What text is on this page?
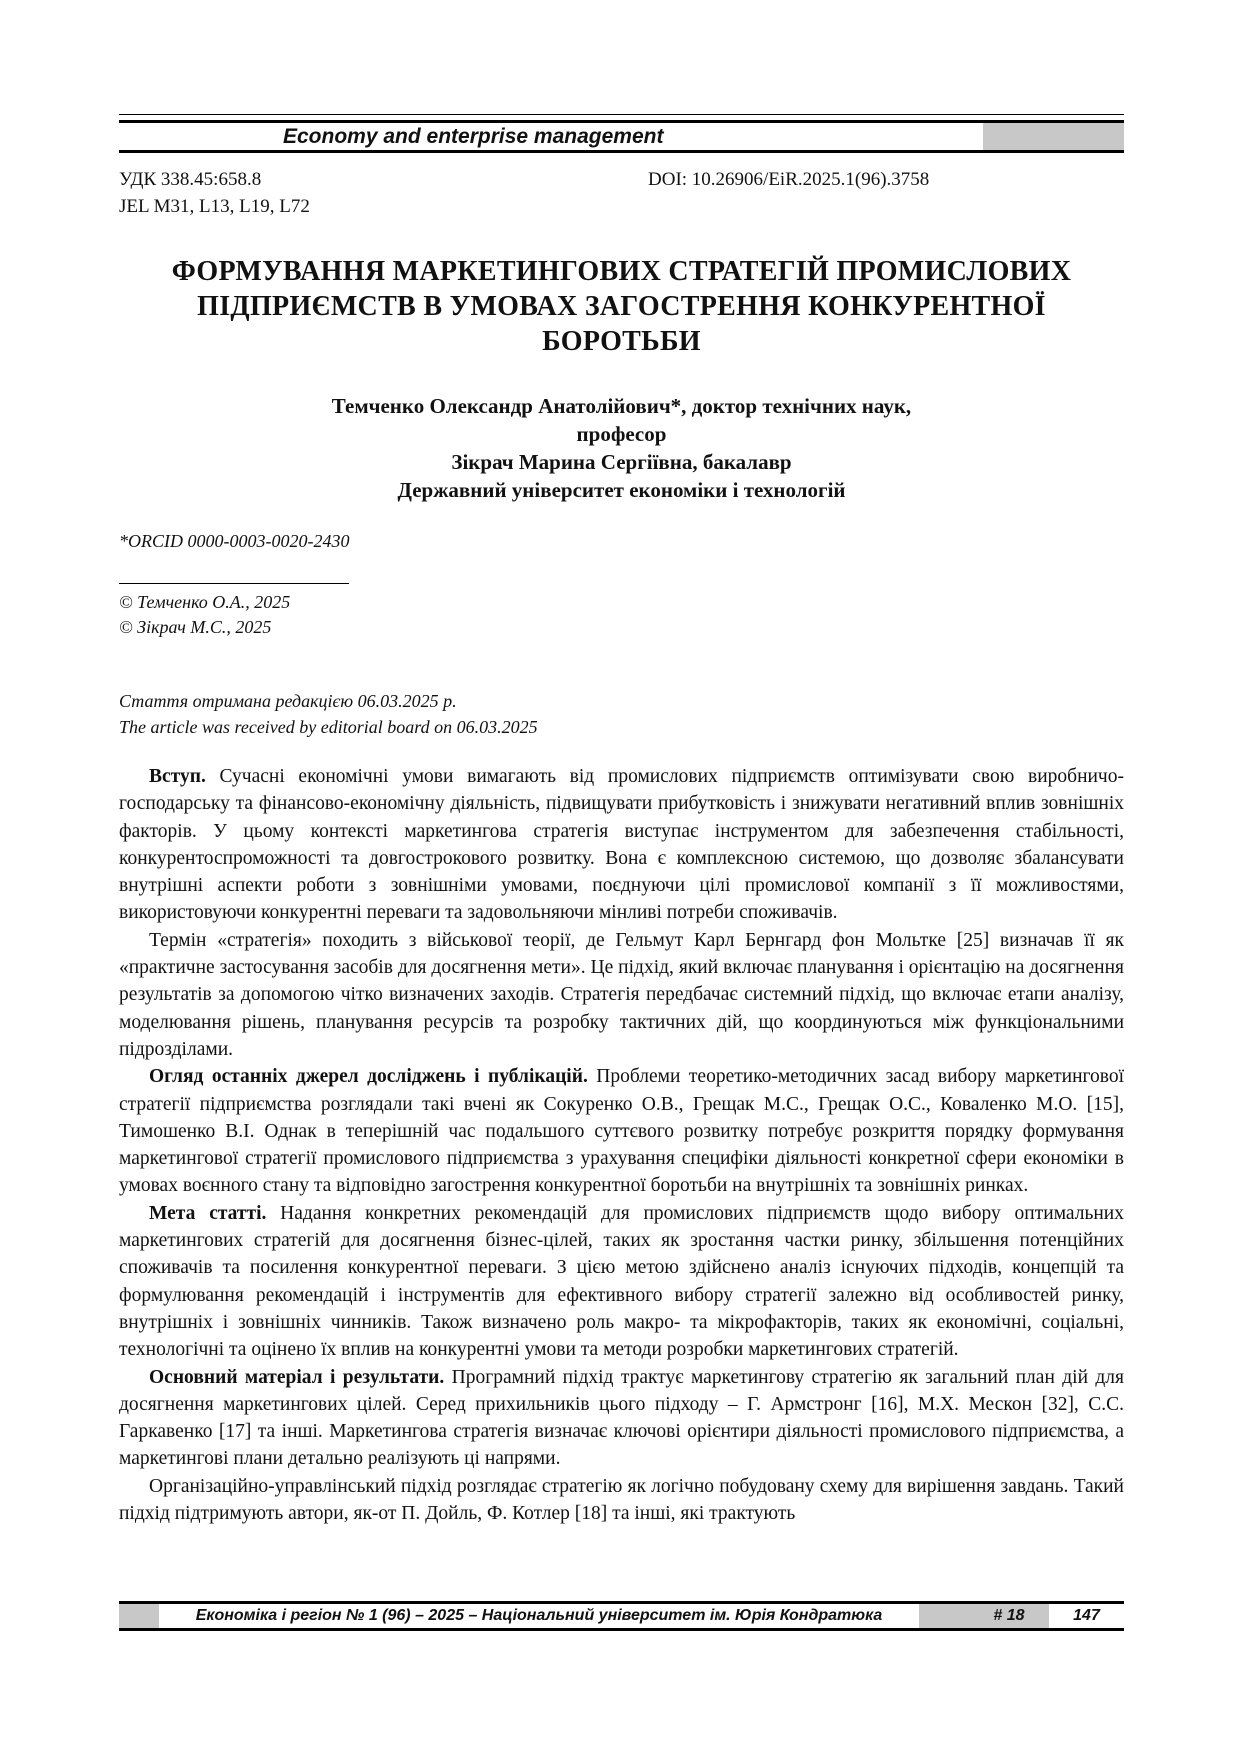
Economy and enterprise management
УДК 338.45:658.8
JEL M31, L13, L19, L72
DOI: 10.26906/EiR.2025.1(96).3758
ФОРМУВАННЯ МАРКЕТИНГОВИХ СТРАТЕГІЙ ПРОМИСЛОВИХ
ПІДПРИЄМСТВ В УМОВАХ ЗАГОСТРЕННЯ КОНКУРЕНТНОЇ
БОРОТЬБИ
Темченко Олександр Анатолійович*, доктор технічних наук,
професор
Зікрач Марина Сергіївна, бакалавр
Державний університет економіки і технологій
*ORCID 0000-0003-0020-2430
© Темченко О.А., 2025
© Зікрач М.С., 2025
Стаття отримана редакцією 06.03.2025 р.
The article was received by editorial board on 06.03.2025

Вступ. Сучасні економічні умови вимагають від промислових підприємств оптимізувати свою виробничо-господарську та фінансово-економічну діяльність, підвищувати прибутковість і знижувати негативний вплив зовнішніх факторів. У цьому контексті маркетингова стратегія виступає інструментом для забезпечення стабільності, конкурентоспроможності та довгострокового розвитку. Вона є комплексною системою, що дозволяє збалансувати внутрішні аспекти роботи з зовнішніми умовами, поєднуючи цілі промислової компанії з її можливостями, використовуючи конкурентні переваги та задовольняючи мінливі потреби споживачів.

Термін «стратегія» походить з військової теорії, де Гельмут Карл Бернгард фон Мольтке [25] визначав її як «практичне застосування засобів для досягнення мети». Це підхід, який включає планування і орієнтацію на досягнення результатів за допомогою чітко визначених заходів. Стратегія передбачає системний підхід, що включає етапи аналізу, моделювання рішень, планування ресурсів та розробку тактичних дій, що координуються між функціональними підрозділами.

Огляд останніх джерел досліджень і публікацій. Проблеми теоретико-методичних засад вибору маркетингової стратегії підприємства розглядали такі вчені як Сокуренко О.В., Грещак М.С., Грещак О.С., Коваленко М.О. [15], Тимошенко В.І. Однак в теперішній час подальшого суттєвого розвитку потребує розкриття порядку формування маркетингової стратегії промислового підприємства з урахування специфіки діяльності конкретної сфери економіки в умовах воєнного стану та відповідно загострення конкурентної боротьби на внутрішніх та зовнішніх ринках.

Мета статті. Надання конкретних рекомендацій для промислових підприємств щодо вибору оптимальних маркетингових стратегій для досягнення бізнес-цілей, таких як зростання частки ринку, збільшення потенційних споживачів та посилення конкурентної переваги. З цією метою здійснено аналіз існуючих підходів, концепцій та формулювання рекомендацій і інструментів для ефективного вибору стратегії залежно від особливостей ринку, внутрішніх і зовнішніх чинників. Також визначено роль макро- та мікрофакторів, таких як економічні, соціальні, технологічні та оцінено їх вплив на конкурентні умови та методи розробки маркетингових стратегій.

Основний матеріал і результати. Програмний підхід трактує маркетингову стратегію як загальний план дій для досягнення маркетингових цілей. Серед прихильників цього підходу – Г. Армстронг [16], М.Х. Мескон [32], С.С. Гаркавенко [17] та інші. Маркетингова стратегія визначає ключові орієнтири діяльності промислового підприємства, а маркетингові плани детально реалізують ці напрями.

Організаційно-управлінський підхід розглядає стратегію як логічно побудовану схему для вирішення завдань. Такий підхід підтримують автори, як-от П. Дойль, Ф. Котлер [18] та інші, які трактують

Економіка і регіон № 1 (96) – 2025 – Національний університет ім. Юрія Кондратюка	# 18	147
